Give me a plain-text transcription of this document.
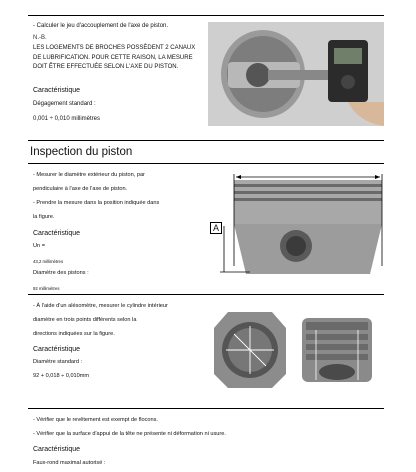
- Calculer le jeu d'accouplement de l'axe de piston.
N.-B.
LES LOGEMENTS DE BROCHES POSSÈDENT 2 CANAUX
DE LUBRIFICATION. POUR CETTE RAISON, LA MESURE
DOIT ÊTRE EFFECTUÉE SELON L'AXE DU PISTON.
Caractéristique
Dégagement standard :
0,001 ÷ 0,010 millimètres
Inspection du piston
- Mesurer le diamètre extérieur du piston, par
pendiculaire à l'axe de l'axe de piston.
- Prendre la mesure dans la position indiquée dans
la figure.
Caractéristique
Un =
43,2 millimètres
Diamètre des pistons :
92 millimètres
A
- À l'aide d'un alésomètre, mesurer le cylindre intérieur
diamètre en trois points différents selon la
directions indiquées sur la figure.
Caractéristique
Diamètre standard :
92 + 0,018 ÷ 0,010mm
- Vérifier que le revêtement est exempt de flocons.
- Vérifier que la surface d'appui de la tête ne présente ni déformation ni usure.
Caractéristique
Faux-rond maximal autorisé :
